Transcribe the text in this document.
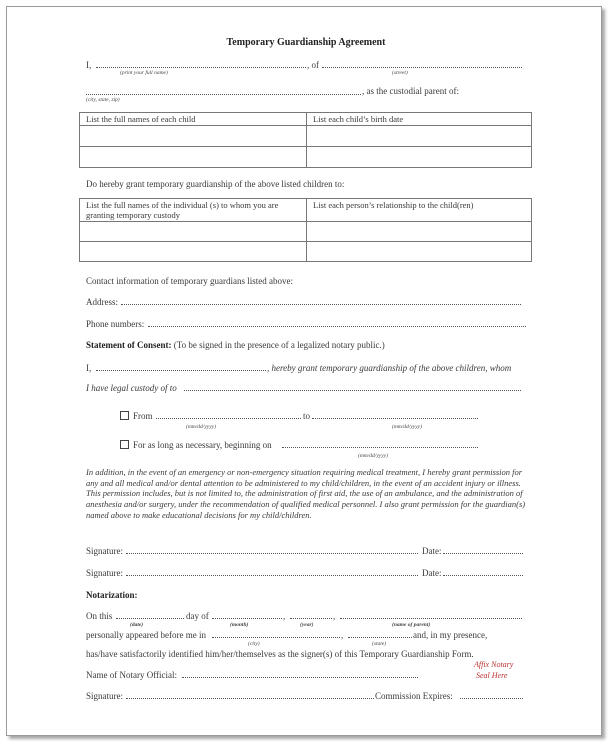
Temporary Guardianship Agreement
I,	, of
(print your full name)	(street)
, as the custodial parent of:
(city, state, zip)
List the full names of each child	List each child’s birth date

Do hereby grant temporary guardianship of the above listed children to:
List the full names of the individual (s) to whom you are
granting temporary custody	List each person’s relationship to the child(ren)

Contact information of temporary guardians listed above:
Address:
Phone numbers:
Statement of Consent: (To be signed in the presence of a legalized notary public.)
I,	, hereby grant temporary guardianship of the above children, whom
I have legal custody of to
From	to
(mm/dd/yyyy)	(mm/dd/yyyy)
For as long as necessary, beginning on
(mm/dd/yyyy)
In addition, in the event of an emergency or non-emergency situation requiring medical treatment, I hereby grant permission for any and all medical and/or dental attention to be administered to my child/children, in the event of an accident injury or illness. This permission includes, but is not limited to, the administration of first aid, the use of an ambulance, and the administration of anesthesia and/or surgery, under the recommendation of qualified medical personnel. I also grant permission for the guardian(s) named above to make educational decisions for my child/children.
Signature:	Date:
Signature:	Date:
Notarization:
On this	day of	,	,
(date)	(month)	(year)	(name of parent)
personally appeared before me in	,	and, in my presence,
(city)	(state)
has/have satisfactorily identified him/her/themselves as the signer(s) of this Temporary Guardianship Form.
Affix Notary
Seal Here
Name of Notary Official:
Signature:	Commission Expires:
